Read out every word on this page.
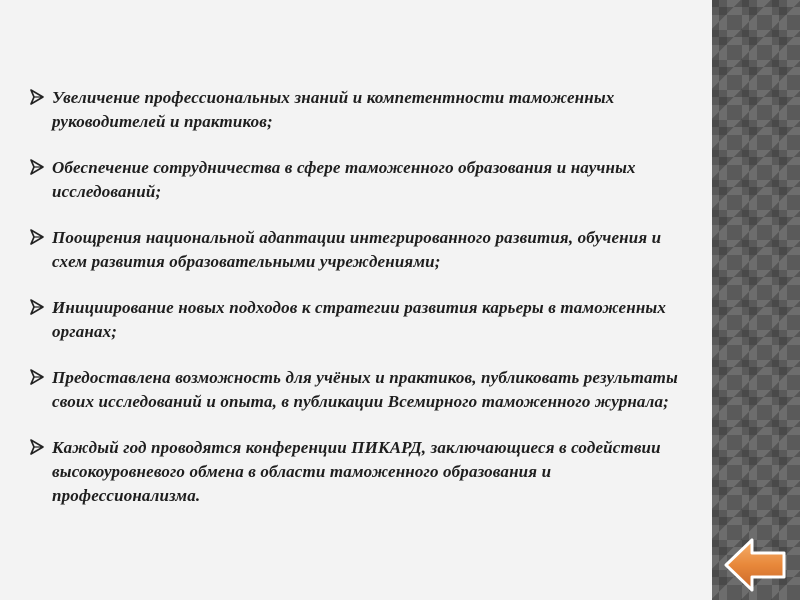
Увеличение профессиональных знаний и компетентности таможенных руководителей и практиков;
Обеспечение сотрудничества в сфере таможенного образования и научных исследований;
Поощрения национальной адаптации интегрированного развития, обучения и схем развития образовательными учреждениями;
Инициирование новых подходов к стратегии развития карьеры в таможенных органах;
Предоставлена возможность для учёных и практиков, публиковать результаты своих исследований и опыта, в публикации Всемирного таможенного журнала;
Каждый год проводятся конференции ПИКАРД, заключающиеся в содействии высокоуровневого обмена в области таможенного образования и профессионализма.
